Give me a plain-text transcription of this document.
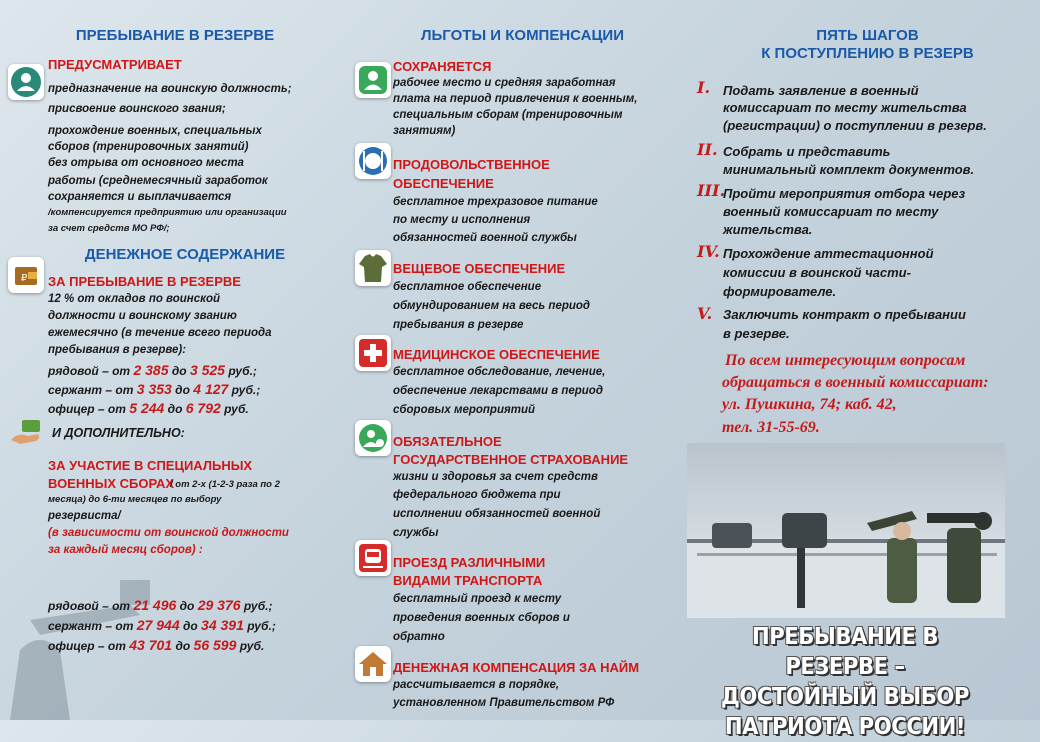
ПРЕБЫВАНИЕ В РЕЗЕРВЕ
ПРЕДУСМАТРИВАЕТ
предназначение на воинскую должность;
присвоение воинского звания;
прохождение военных, специальных
сборов (тренировочных занятий)
без отрыва от основного места
работы (среднемесячный заработок
сохраняется и выплачивается
/компенсируется предприятию или организации
за счет средств МО РФ/;
ДЕНЕЖНОЕ СОДЕРЖАНИЕ
₽ ЗА ПРЕБЫВАНИЕ В РЕЗЕРВЕ
12 % от окладов по воинской
должности и воинскому званию
ежемесячно (в течение всего периода
пребывания в резерве):
рядовой – от 2 385 до 3 525 руб.;
сержант – от 3 353 до 4 127 руб.;
офицер – от 5 244 до 6 792 руб.
И ДОПОЛНИТЕЛЬНО:
ЗА УЧАСТИЕ В СПЕЦИАЛЬНЫХ
ВОЕННЫХ СБОРАХ
/ от 2-х (1-2-3 раза по 2
месяца) до 6-ти месяцев по выбору
резервиста/
(в зависимости от воинской должности
за каждый месяц сборов) :
рядовой – от 21 496 до 29 376 руб.;
сержант – от 27 944 до 34 391 руб.;
офицер – от 43 701 до 56 599 руб.
ЛЬГОТЫ И КОМПЕНСАЦИИ
СОХРАНЯЕТСЯ
рабочее место и средняя заработная
плата на период привлечения к военным,
специальным сборам (тренировочным
занятиям)
ПРОДОВОЛЬСТВЕННОЕ
ОБЕСПЕЧЕНИЕ
бесплатное трехразовое питание
по месту и исполнения
обязанностей военной службы
ВЕЩЕВОЕ ОБЕСПЕЧЕНИЕ
бесплатное обеспечение
обмундированием на весь период
пребывания в резерве
МЕДИЦИНСКОЕ ОБЕСПЕЧЕНИЕ
бесплатное обследование, лечение,
обеспечение лекарствами в период
сборовых мероприятий
ОБЯЗАТЕЛЬНОЕ
ГОСУДАРСТВЕННОЕ СТРАХОВАНИЕ
жизни и здоровья за счет средств
федерального бюджета при
исполнении обязанностей военной
службы
ПРОЕЗД РАЗЛИЧНЫМИ
ВИДАМИ ТРАНСПОРТА
бесплатный проезд к месту
проведения военных сборов и
обратно
ДЕНЕЖНАЯ КОМПЕНСАЦИЯ ЗА НАЙМ
рассчитывается в порядке,
установленном Правительством РФ
ПЯТЬ ШАГОВ
К ПОСТУПЛЕНИЮ В РЕЗЕРВ
I. Подать заявление в военный
комиссариат по месту жительства
(регистрации) о поступлении в резерв.
II. Собрать и представить
минимальный комплект документов.
III.
Пройти мероприятия отбора через
военный комиссариат по месту
жительства.
IV. Прохождение аттестационной
комиссии в воинской части-
формирователе.
V. Заключить контракт о пребывании
в резерве.
По всем интересующим вопросам
обращаться в военный комиссариат:
ул. Пушкина, 74; каб. 42,
тел. 31-55-69.
ПРЕБЫВАНИЕ В РЕЗЕРВЕ –
ДОСТОЙНЫЙ ВЫБОР
ПАТРИОТА РОССИИ!
